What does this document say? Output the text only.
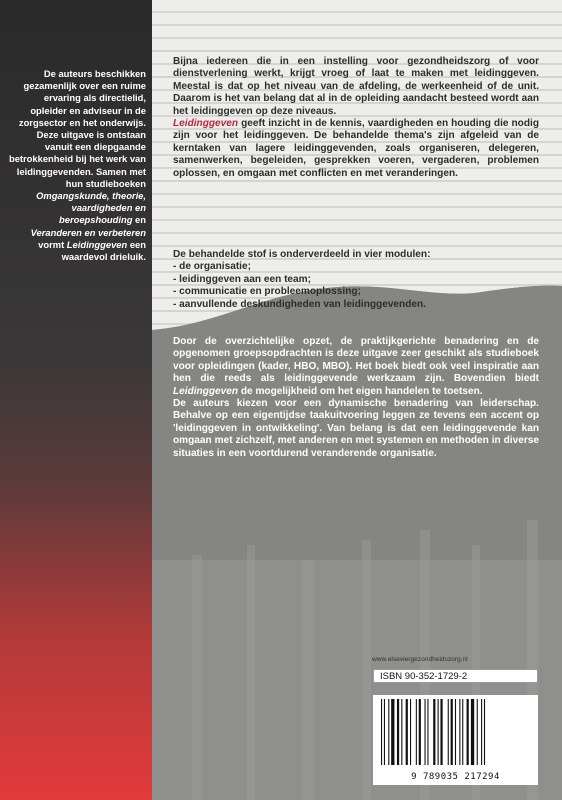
De auteurs beschikken gezamenlijk over een ruime ervaring als directielid, opleider en adviseur in de zorgsector en het onderwijs. Deze uitgave is ontstaan vanuit een diepgaande betrokkenheid bij het werk van leidinggevenden. Samen met hun studieboeken Omgangskunde, theorie, vaardigheden en beroepshouding en Veranderen en verbeteren vormt Leidinggeven een waardevol drieluik.

Bijna iedereen die in een instelling voor gezondheidszorg of voor dienstverlening werkt, krijgt vroeg of laat te maken met leidinggeven. Meestal is dat op het niveau van de afdeling, de werkeenheid of de unit. Daarom is het van belang dat al in de opleiding aandacht besteed wordt aan het leidinggeven op deze niveaus.

Leidinggeven geeft inzicht in de kennis, vaardigheden en houding die nodig zijn voor het leidinggeven. De behandelde thema's zijn afgeleid van de kerntaken van lagere leidinggevenden, zoals organiseren, delegeren, samenwerken, begeleiden, gesprekken voeren, vergaderen, problemen oplossen, en omgaan met conflicten en met veranderingen.

De behandelde stof is onderverdeeld in vier modulen:

- de organisatie;
- leidinggeven aan een team;
- communicatie en probleemoplossing;
- aanvullende deskundigheden van leidinggevenden.

Door de overzichtelijke opzet, de praktijkgerichte benadering en de opgenomen groepsopdrachten is deze uitgave zeer geschikt als studieboek voor opleidingen (kader, HBO, MBO). Het boek biedt ook veel inspiratie aan hen die reeds als leidinggevende werkzaam zijn. Bovendien biedt Leidinggeven de mogelijkheid om het eigen handelen te toetsen.

De auteurs kiezen voor een dynamische benadering van leiderschap. Behalve op een eigentijdse taakuitvoering leggen ze tevens een accent op 'leidinggeven in ontwikkeling'. Van belang is dat een leidinggevende kan omgaan met zichzelf, met anderen en met systemen en methoden in diverse situaties in een voortdurend veranderende organisatie.

www.elseviergezondheidszorg.nl
ISBN 90-352-1729-2
9 789035 217294
